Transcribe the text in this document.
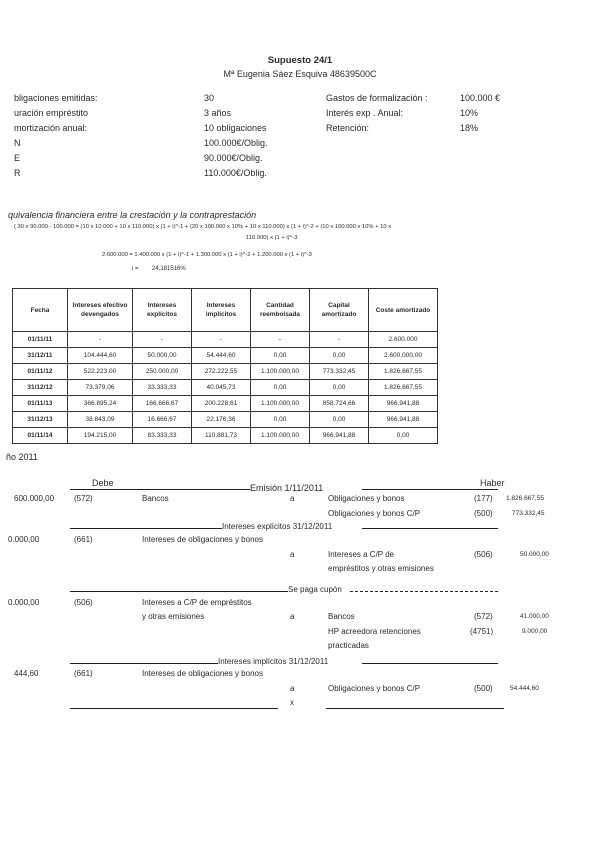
Supuesto 24/1
Mª Eugenia Sáez Esquiva 48639500C
bligaciones emitidas:	30
uración empréstito	3 años
mortización anual:	10 obligaciones
N	100.000€/Oblig.
E	90.000€/Oblig.
R	110.000€/Oblig.
Gastos de formalización :	100.000 €
Interés exp . Anual:	10%
Retención:	18%
quivalencia financiera entre la crestación y la contraprestación
( 30 x 90.000 - 100.000 = (10 x 10.000 + 10 x 110.000) x (1 + i)^-1 + (20 x 100.000 x 10% + 10 x 110.000) x (1 + i)^-2 + (10 x 100.000 x 10% + 10 x
110.000) x (1 + i)^-3
2.600.000 = 1.400.000 x (1 + i)^-1 + 1.300.000 x (1 + i)^-2 + 1.200.000 x (1 + i)^-3
i = 24,181516%
Fecha	Intereses efectivo devengados	Intereses explícitos	Intereses implícitos	Cantidad reembolsada	Capital amortizado	Coste amortizado
01/11/11	-	-	-	-	-	2.600.000
31/12/11	104.444,60	50.000,00	54.444,60	0,00	0,00	2.600.000,00
01/11/12	522.223,00	250.000,00	272.222,55	1.100.000,00	773.332,45	1.826.667,55
31/12/12	73.379,06	33.333,33	40.045,73	0,00	0,00	1.826.667,55
01/11/13	366.895,24	166.666,67	200.228,61	1.100.000,00	858.724,66	966.941,88
31/12/13	38.843,09	16.666,67	22.176,36	0,00	0,00	966.941,88
01/11/14	194.215,00	83.333,33	110.881,73	1.100.000,00	966.941,88	0,00
ño 2011
Debe	Haber
Emisión 1/11/2011
600.000,00 (572)	Bancos	a	Obligaciones y bonos	(177) 1.826.667,55
Obligaciones y bonos C/P	(500)	773.332,45
Intereses explícitos 31/12/2011
0.000,00	(661)	Intereses de obligaciones y bonos
a	Intereses a C/P de	(506)	50.000,00
empréstitos y otras emisiones
Se paga cupón
0.000,00	(506)	Intereses a C/P de empréstitos
y otras emisiones	a	Bancos	(572)	41.000,00
HP acreedora retenciones	(4751)	9.000,00
practicadas
Intereses implícitos 31/12/2011
444,60	(661)	Intereses de obligaciones y bonos
a	Obligaciones y bonos C/P	(500)	54.444,60
x
